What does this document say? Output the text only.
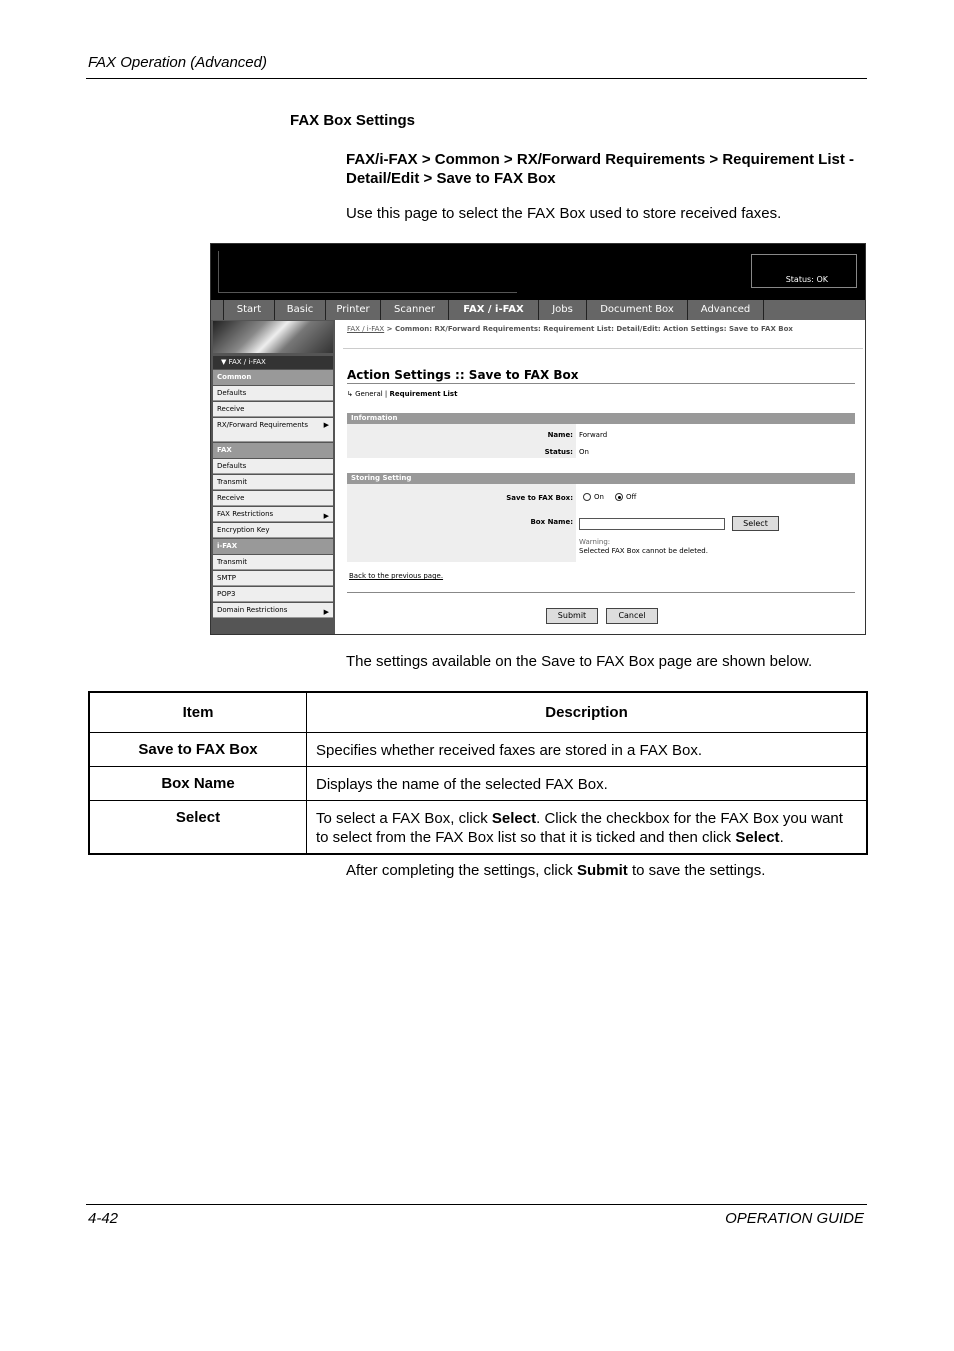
FAX Operation (Advanced)
FAX Box Settings
FAX/i-FAX > Common > RX/Forward Requirements > Requirement List - Detail/Edit > Save to FAX Box
Use this page to select the FAX Box used to store received faxes.
Status: OK
Start	Basic	Printer	Scanner	FAX / i-FAX	Jobs	Document Box	Advanced
▼ FAX / i-FAX
Common
Defaults
Receive
RX/Forward Requirements ▶
FAX
Defaults
Transmit
Receive
FAX Restrictions	▶
Encryption Key
i-FAX
Transmit
SMTP
POP3
Domain Restrictions	▶
FAX / i-FAX > Common: RX/Forward Requirements: Requirement List: Detail/Edit: Action Settings: Save to FAX Box
Action Settings :: Save to FAX Box
↳ General | Requirement List
Information
Name: Forward
Status: On
Storing Setting
Save to FAX Box:	On	Off
Box Name:	Select
Warning:
Selected FAX Box cannot be deleted.
Back to the previous page.
Submit	Cancel
The settings available on the Save to FAX Box page are shown below.
Item	Description
Save to FAX Box	Specifies whether received faxes are stored in a FAX Box.
Box Name	Displays the name of the selected FAX Box.
Select	To select a FAX Box, click Select. Click the checkbox for the FAX Box you want to select from the FAX Box list so that it is ticked and then click Select.
After completing the settings, click Submit to save the settings.
4-42	OPERATION GUIDE
